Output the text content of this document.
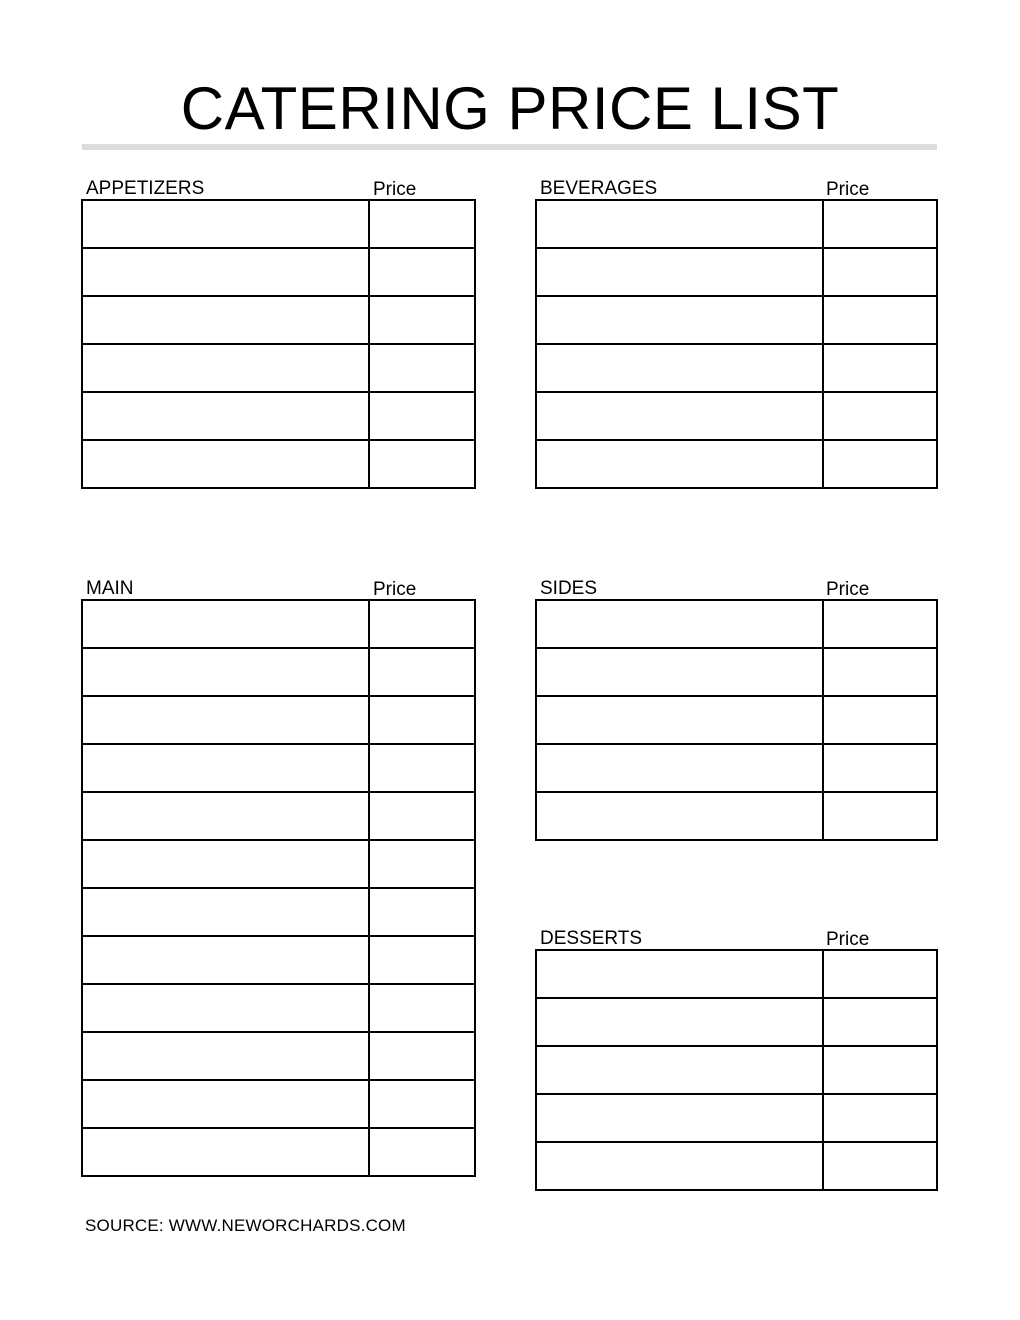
CATERING PRICE LIST
APPETIZERS	Price

		BEVERAGES	Price

MAIN	Price

		SIDES	Price

DESSERTS	Price

SOURCE: WWW.NEWORCHARDS.COM
